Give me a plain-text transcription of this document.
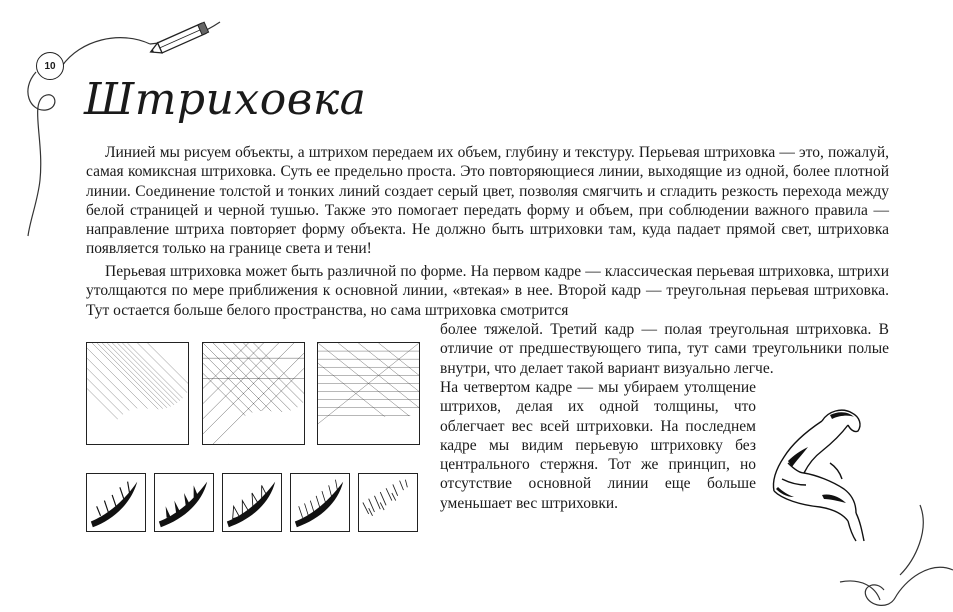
10
Штриховка

Линией мы рисуем объекты, а штрихом передаем их объем, глубину и текстуру. Перьевая штриховка — это, пожалуй, самая комиксная штриховка. Суть ее предельно проста. Это повторяющиеся линии, выходящие из одной, более плотной линии. Соединение толстой и тонких линий создает серый цвет, позволяя смягчить и сгладить резкость перехода между белой страницей и черной тушью. Также это помогает передать форму и объем, при соблюдении важного правила — направление штриха повторяет форму объекта. Не должно быть штриховки там, куда падает прямой свет, штриховка появляется только на границе света и тени!

Перьевая штриховка может быть различной по форме. На первом кадре — классическая перьевая штриховка, штрихи утолщаются по мере приближения к основной линии, «втекая» в нее. Второй кадр — треугольная перьевая штриховка. Тут остается больше белого пространства, но сама штриховка смотрится

более тяжелой. Третий кадр — полая треугольная штриховка. В отличие от предшествующего типа, тут сами треугольники полые внутри, что делает такой вариант визуально легче.

На четвертом кадре — мы убираем утолщение штрихов, делая их одной толщины, что облегчает вес всей штриховки. На последнем кадре мы видим перьевую штриховку без центрального стержня. Тот же принцип, но отсутствие основной линии еще больше уменьшает вес штриховки.
